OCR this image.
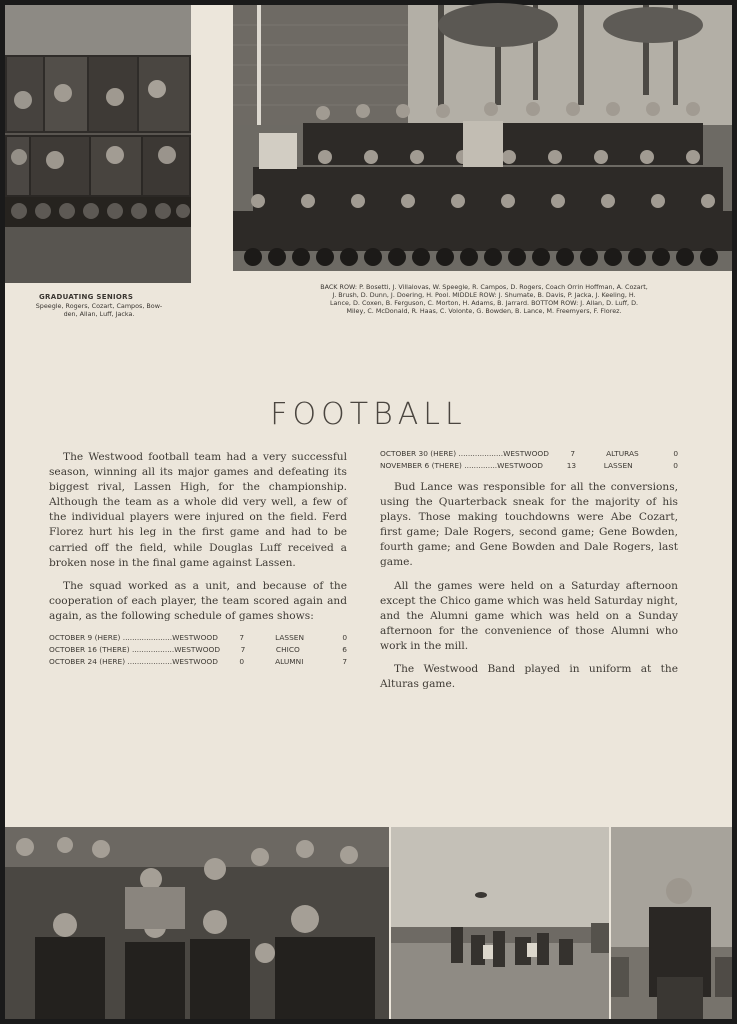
GRADUATING SENIORS
Speegle, Rogers, Cozart, Campos, Bow-
den, Allan, Luff, Jacka.
BACK ROW: P. Bosetti, J. Villalovas, W. Speegle, R. Campos, D. Rogers, Coach Orrin Hoffman, A. Cozart,
J. Brush, D. Dunn, J. Doering, H. Pool. MIDDLE ROW: J. Shumate, B. Davis, P. Jacka, J. Keeling, H.
Lance, D. Coxen, B. Ferguson, C. Morton, H. Adams, B. Jarrard. BOTTOM ROW: J. Allan, D. Luff, D.
Miley, C. McDonald, R. Haas, C. Volonte, G. Bowden, B. Lance, M. Freemyers, F. Florez.
FOOTBALL

The Westwood football team had a very successful season, winning all its major games and defeating its biggest rival, Lassen High, for the championship. Although the team as a whole did very well, a few of the individual players were injured on the field. Ferd Florez hurt his leg in the first game and had to be carried off the field, while Douglas Luff received a broken nose in the final game against Lassen.

The squad worked as a unit, and because of the cooperation of each player, the team scored again and again, as the following schedule of games shows:

OCTOBER 9 (HERE) ..................... WESTWOOD	7	LASSEN	0
OCTOBER 16 (THERE) .................. WESTWOOD	7	CHICO	6
OCTOBER 24 (HERE) ................... WESTWOOD	0	ALUMNI	7
OCTOBER 30 (HERE) ................... WESTWOOD	7	ALTURAS	0
NOVEMBER 6 (THERE) .............. WESTWOOD	13	LASSEN	0

Bud Lance was responsible for all the conversions, using the Quarterback sneak for the majority of his plays. Those making touchdowns were Abe Cozart, first game; Dale Rogers, second game; Gene Bowden, fourth game; and Gene Bowden and Dale Rogers, last game.

All the games were held on a Saturday afternoon except the Chico game which was held Saturday night, and the Alumni game which was held on a Sunday afternoon for the convenience of those Alumni who work in the mill.

The Westwood Band played in uniform at the Alturas game.
